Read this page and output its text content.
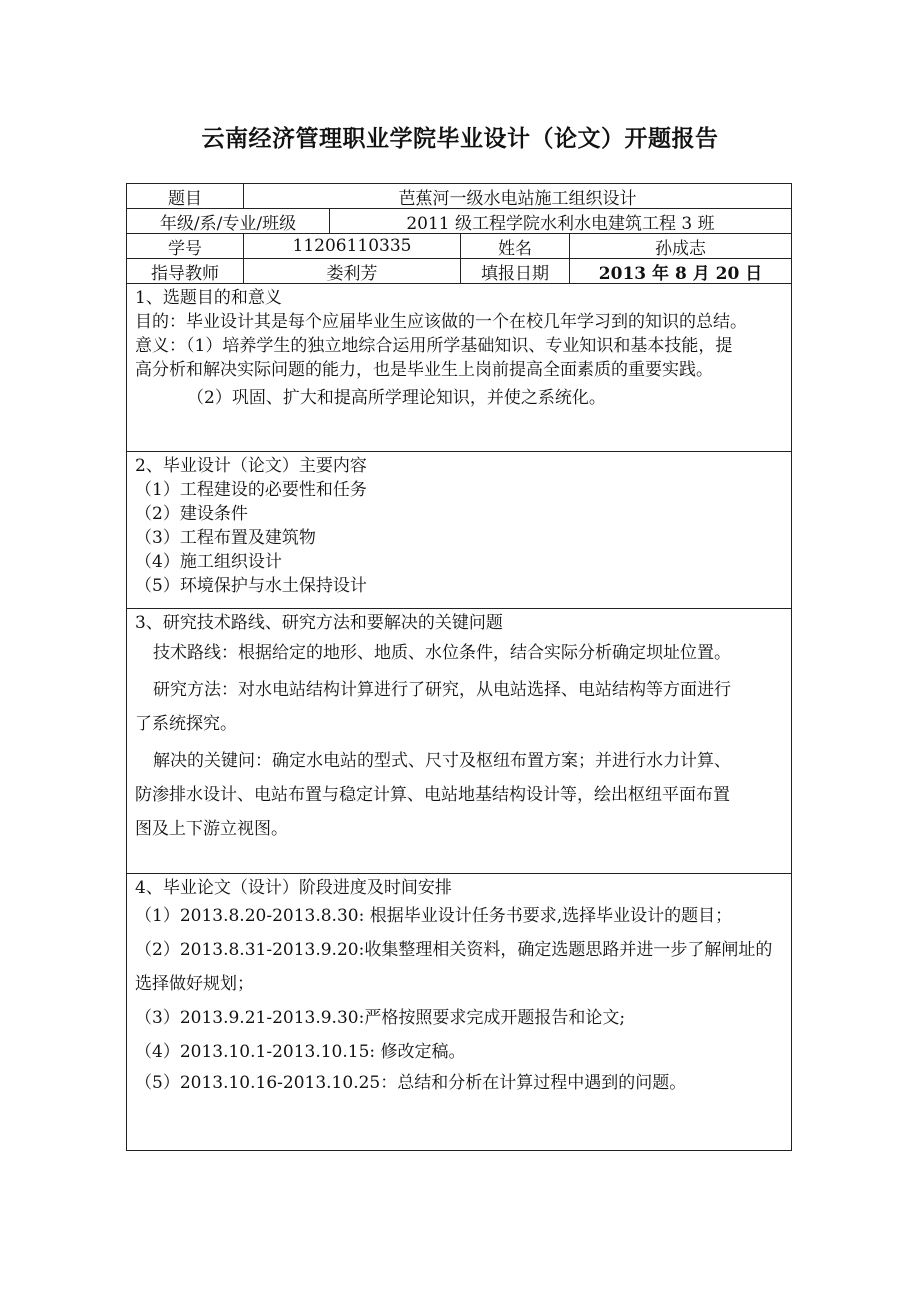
云南经济管理职业学院毕业设计（论文）开题报告
题目	芭蕉河一级水电站施工组织设计
年级/系/专业/班级	2011 级工程学院水利水电建筑工程 3 班
学号	11206110335	姓名	孙成志
指导教师	娄利芳	填报日期	2013 年 8 月 20 日
1、选题目的和意义
目的：毕业设计其是每个应届毕业生应该做的一个在校几年学习到的知识的总结。
意义：（1）培养学生的独立地综合运用所学基础知识、专业知识和基本技能，提
高分析和解决实际问题的能力，也是毕业生上岗前提高全面素质的重要实践。
（2）巩固、扩大和提高所学理论知识，并使之系统化。
2、毕业设计（论文）主要内容
（1）工程建设的必要性和任务
（2）建设条件
（3）工程布置及建筑物
（4）施工组织设计
（5）环境保护与水土保持设计
3、研究技术路线、研究方法和要解决的关键问题
技术路线：根据给定的地形、地质、水位条件，结合实际分析确定坝址位置。
研究方法：对水电站结构计算进行了研究，从电站选择、电站结构等方面进行
了系统探究。
解决的关键问：确定水电站的型式、尺寸及枢纽布置方案；并进行水力计算、
防渗排水设计、电站布置与稳定计算、电站地基结构设计等，绘出枢纽平面布置
图及上下游立视图。
4、毕业论文（设计）阶段进度及时间安排
（1）2013.8.20-2013.8.30: 根据毕业设计任务书要求,选择毕业设计的题目；
（2）2013.8.31-2013.9.20:收集整理相关资料，确定选题思路并进一步了解闸址的
选择做好规划；
（3）2013.9.21-2013.9.30:严格按照要求完成开题报告和论文;
（4）2013.10.1-2013.10.15: 修改定稿。
（5）2013.10.16-2013.10.25：总结和分析在计算过程中遇到的问题。
